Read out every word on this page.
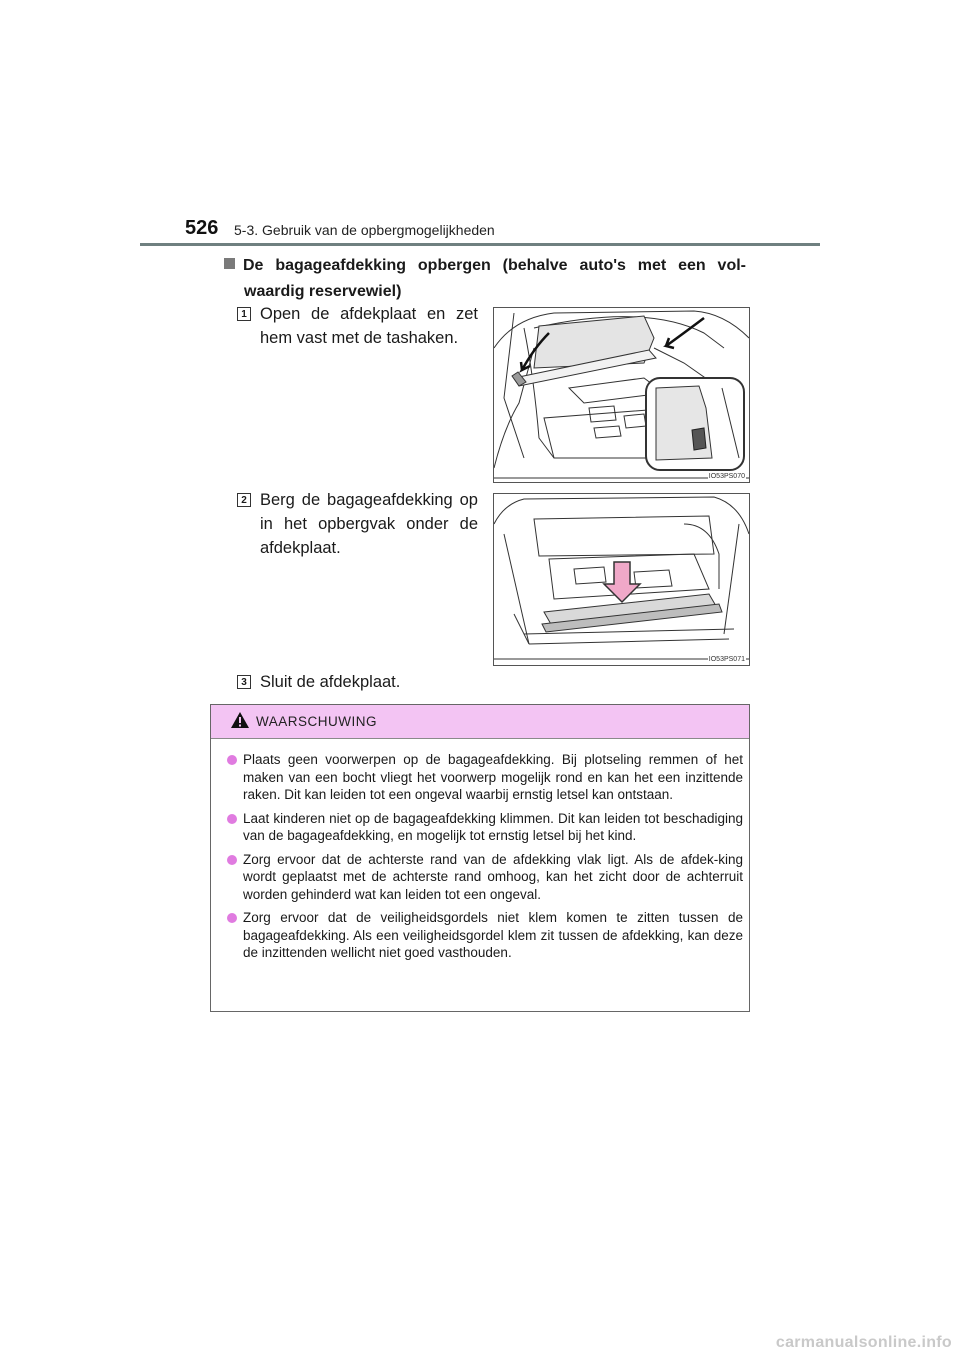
526 5-3. Gebruik van de opbergmogelijkheden
De bagageafdekking opbergen (behalve auto's met een vol-
waardig reservewiel)
1 Open de afdekplaat en zet
hem vast met de tashaken.
IO53PS070
2 Berg de bagageafdekking op
in het opbergvak onder de
afdekplaat.
IO53PS071
3 Sluit de afdekplaat.
WAARSCHUWING
Plaats geen voorwerpen op de bagageafdekking. Bij plotseling remmen of het maken van een bocht vliegt het voorwerp mogelijk rond en kan het een inzittende raken. Dit kan leiden tot een ongeval waarbij ernstig letsel kan ontstaan.
Laat kinderen niet op de bagageafdekking klimmen. Dit kan leiden tot beschadiging van de bagageafdekking, en mogelijk tot ernstig letsel bij het kind.
Zorg ervoor dat de achterste rand van de afdekking vlak ligt. Als de afdek-king wordt geplaatst met de achterste rand omhoog, kan het zicht door de achterruit worden gehinderd wat kan leiden tot een ongeval.
Zorg ervoor dat de veiligheidsgordels niet klem komen te zitten tussen de bagageafdekking. Als een veiligheidsgordel klem zit tussen de afdekking, kan deze de inzittenden wellicht niet goed vasthouden.
carmanualsonline.info
